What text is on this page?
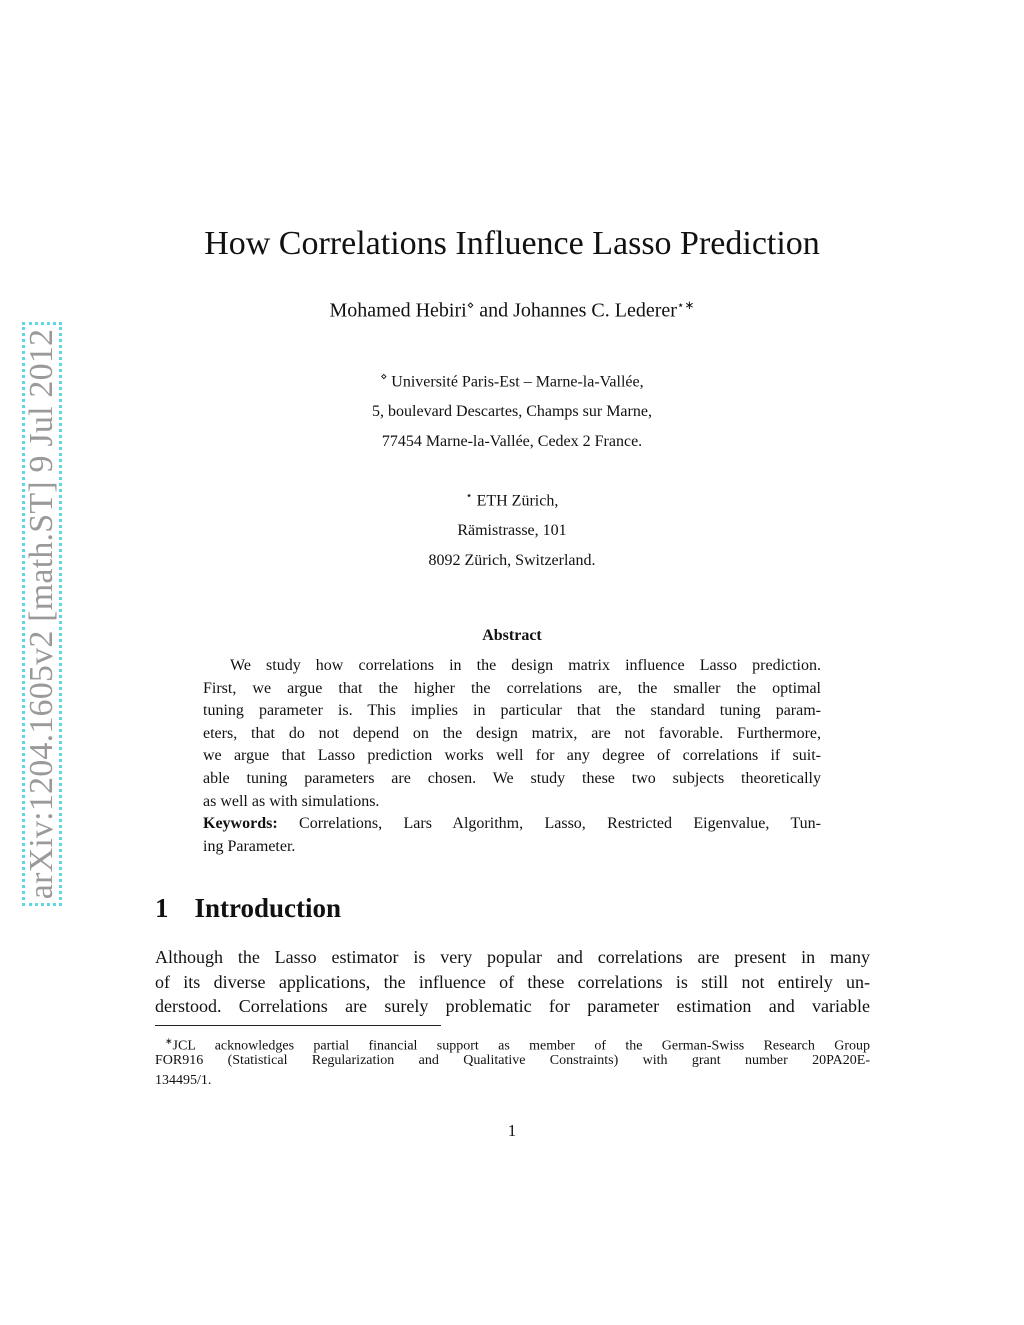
arXiv:1204.1605v2 [math.ST] 9 Jul 2012
How Correlations Influence Lasso Prediction
Mohamed Hebiri⋄ and Johannes C. Lederer⋆∗
⋄ Université Paris-Est – Marne-la-Vallée,
5, boulevard Descartes, Champs sur Marne,
77454 Marne-la-Vallée, Cedex 2 France.
⋆ ETH Zürich,
Rämistrasse, 101
8092 Zürich, Switzerland.
Abstract
We study how correlations in the design matrix influence Lasso prediction.
First, we argue that the higher the correlations are, the smaller the optimal
tuning parameter is. This implies in particular that the standard tuning param-
eters, that do not depend on the design matrix, are not favorable. Furthermore,
we argue that Lasso prediction works well for any degree of correlations if suit-
able tuning parameters are chosen. We study these two subjects theoretically
as well as with simulations.
Keywords: Correlations, Lars Algorithm, Lasso, Restricted Eigenvalue, Tun-
ing Parameter.
1 Introduction
Although the Lasso estimator is very popular and correlations are present in many
of its diverse applications, the influence of these correlations is still not entirely un-
derstood. Correlations are surely problematic for parameter estimation and variable
∗JCL acknowledges partial financial support as member of the German-Swiss Research Group
FOR916 (Statistical Regularization and Qualitative Constraints) with grant number 20PA20E-
134495/1.
1
